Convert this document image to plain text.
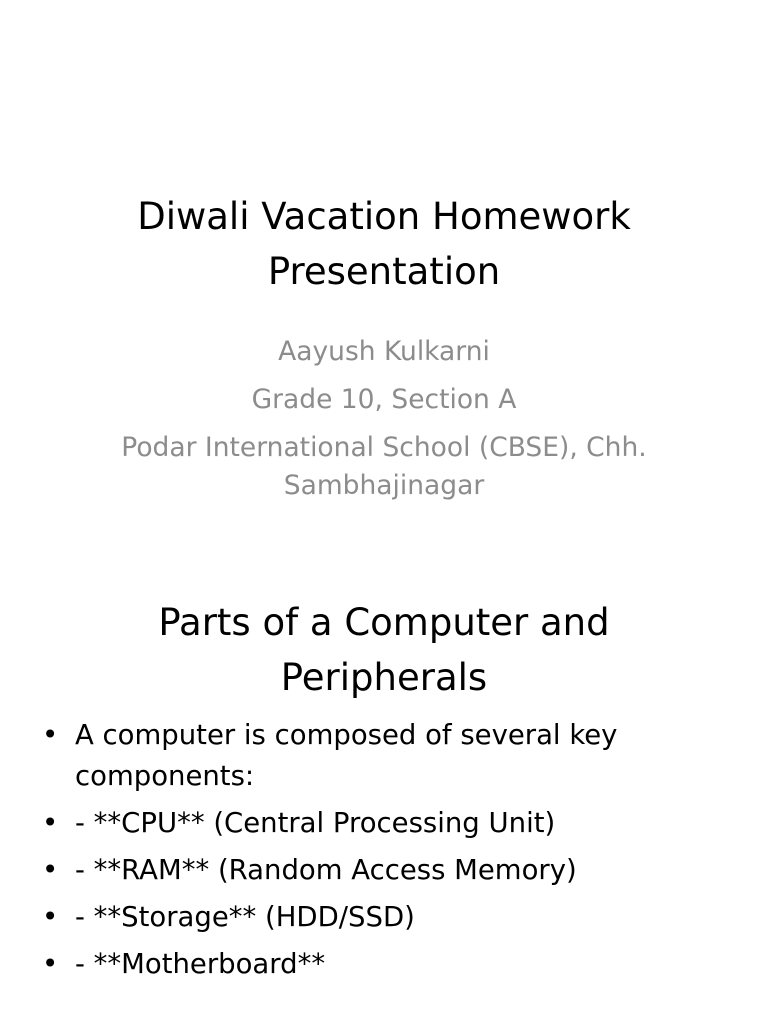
Diwali Vacation Homework Presentation

Aayush Kulkarni

Grade 10, Section A

Podar International School (CBSE), Chh. Sambhajinagar

Parts of a Computer and Peripherals
• A computer is composed of several key components:
• - **CPU** (Central Processing Unit)
• - **RAM** (Random Access Memory)
• - **Storage** (HDD/SSD)
• - **Motherboard**
